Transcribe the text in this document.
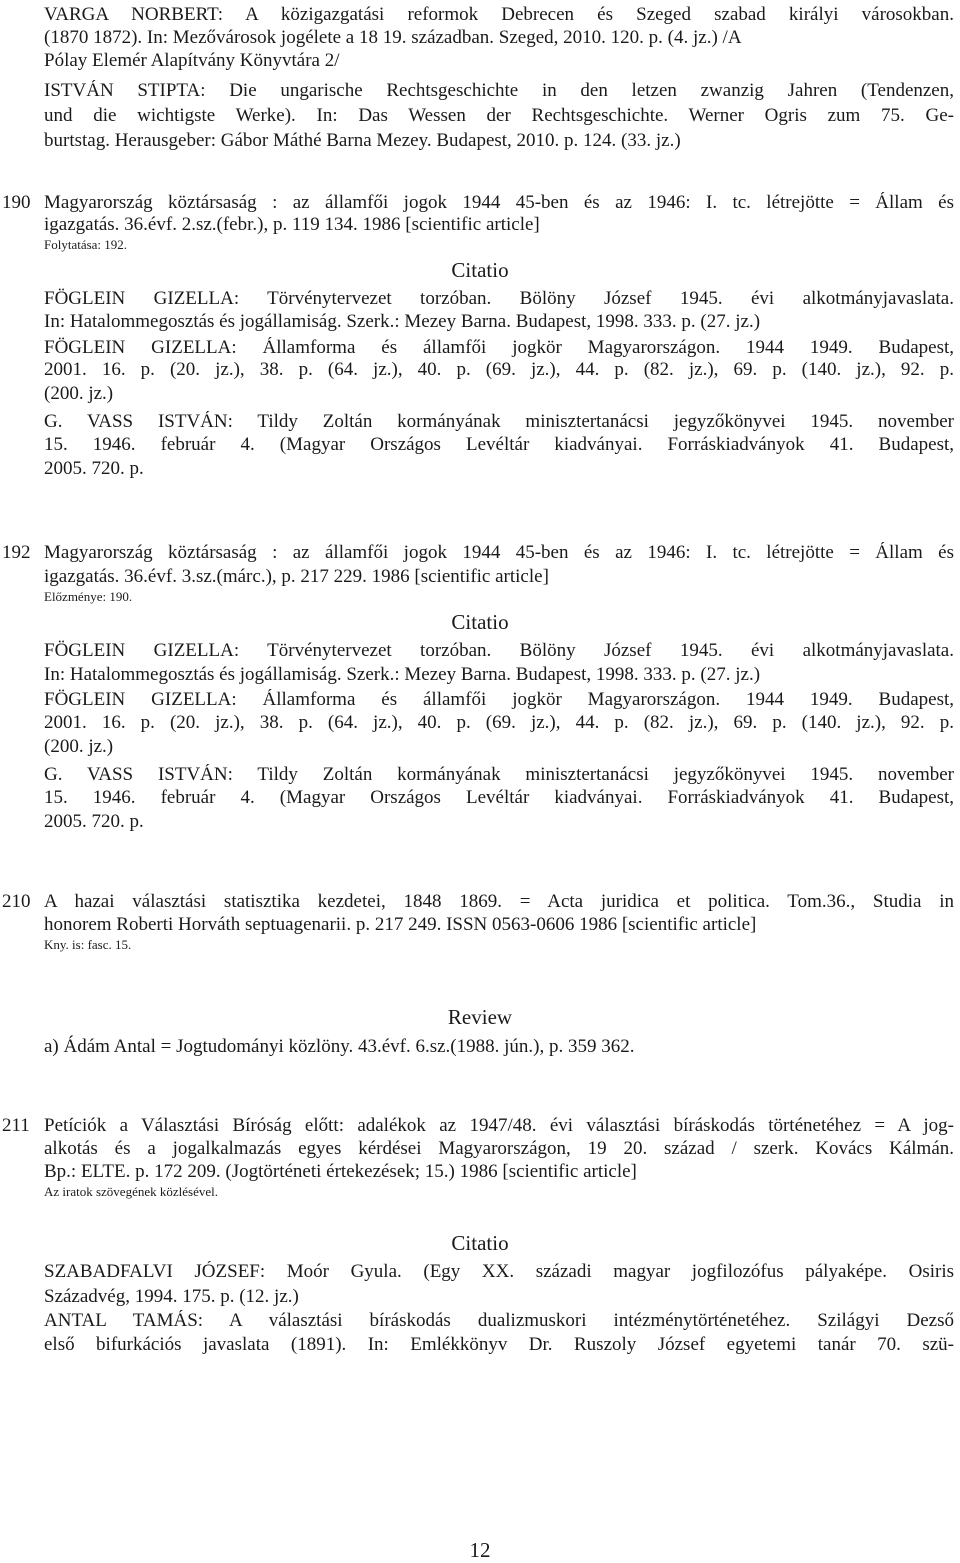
VARGA NORBERT: A közigazgatási reformok Debrecen és Szeged szabad királyi városokban.
(1870 1872). In: Mezővárosok jogélete a 18 19. században. Szeged, 2010. 120. p. (4. jz.) /A
Pólay Elemér Alapítvány Könyvtára 2/
ISTVÁN STIPTA: Die ungarische Rechtsgeschichte in den letzen zwanzig Jahren (Tendenzen,
und die wichtigste Werke). In: Das Wessen der Rechtsgeschichte. Werner Ogris zum 75. Ge-
burtstag. Herausgeber: Gábor Máthé Barna Mezey. Budapest, 2010. p. 124. (33. jz.)
Magyarország köztársaság : az államfői jogok 1944 45-ben és az 1946: I. tc. létrejötte = Állam és
igazgatás. 36.évf. 2.sz.(febr.), p. 119 134. 1986 [scientific article]
FÖGLEIN GIZELLA: Törvénytervezet torzóban. Bölöny József 1945. évi alkotmányjavaslata.
In: Hatalommegosztás és jogállamiság. Szerk.: Mezey Barna. Budapest, 1998. 333. p. (27. jz.)
FÖGLEIN GIZELLA: Államforma és államfői jogkör Magyarországon. 1944 1949. Budapest,
2001. 16. p. (20. jz.), 38. p. (64. jz.), 40. p. (69. jz.), 44. p. (82. jz.), 69. p. (140. jz.), 92. p.
(200. jz.)
G. VASS ISTVÁN: Tildy Zoltán kormányának minisztertanácsi jegyzőkönyvei 1945. november
15. 1946. február 4. (Magyar Országos Levéltár kiadványai. Forráskiadványok 41. Budapest,
2005. 720. p.
Magyarország köztársaság : az államfői jogok 1944 45-ben és az 1946: I. tc. létrejötte = Állam és
igazgatás. 36.évf. 3.sz.(márc.), p. 217 229. 1986 [scientific article]
FÖGLEIN GIZELLA: Törvénytervezet torzóban. Bölöny József 1945. évi alkotmányjavaslata.
In: Hatalommegosztás és jogállamiság. Szerk.: Mezey Barna. Budapest, 1998. 333. p. (27. jz.)
FÖGLEIN GIZELLA: Államforma és államfői jogkör Magyarországon. 1944 1949. Budapest,
2001. 16. p. (20. jz.), 38. p. (64. jz.), 40. p. (69. jz.), 44. p. (82. jz.), 69. p. (140. jz.), 92. p.
(200. jz.)
G. VASS ISTVÁN: Tildy Zoltán kormányának minisztertanácsi jegyzőkönyvei 1945. november
15. 1946. február 4. (Magyar Országos Levéltár kiadványai. Forráskiadványok 41. Budapest,
2005. 720. p.
A hazai választási statisztika kezdetei, 1848 1869. = Acta juridica et politica. Tom.36., Studia in
honorem Roberti Horváth septuagenarii. p. 217 249. ISSN 0563-0606 1986 [scientific article]
a) Ádám Antal = Jogtudományi közlöny. 43.évf. 6.sz.(1988. jún.), p. 359 362.
Petíciók a Választási Bíróság előtt: adalékok az 1947/48. évi választási bíráskodás történetéhez = A jog-
alkotás és a jogalkalmazás egyes kérdései Magyarországon, 19 20. század / szerk. Kovács Kálmán.
Bp.: ELTE. p. 172 209. (Jogtörténeti értekezések; 15.) 1986 [scientific article]
SZABADFALVI JÓZSEF: Moór Gyula. (Egy XX. századi magyar jogfilozófus pályaképe. Osiris
Századvég, 1994. 175. p. (12. jz.)
ANTAL TAMÁS: A választási bíráskodás dualizmuskori intézménytörténetéhez. Szilágyi Dezső
első bifurkációs javaslata (1891). In: Emlékkönyv Dr. Ruszoly József egyetemi tanár 70. szü-
190
192
210
211
Folytatása: 192.
Előzménye: 190.
Kny. is: fasc. 15.
Az iratok szövegének közlésével.
Citatio
Citatio
Review
Citatio
12
